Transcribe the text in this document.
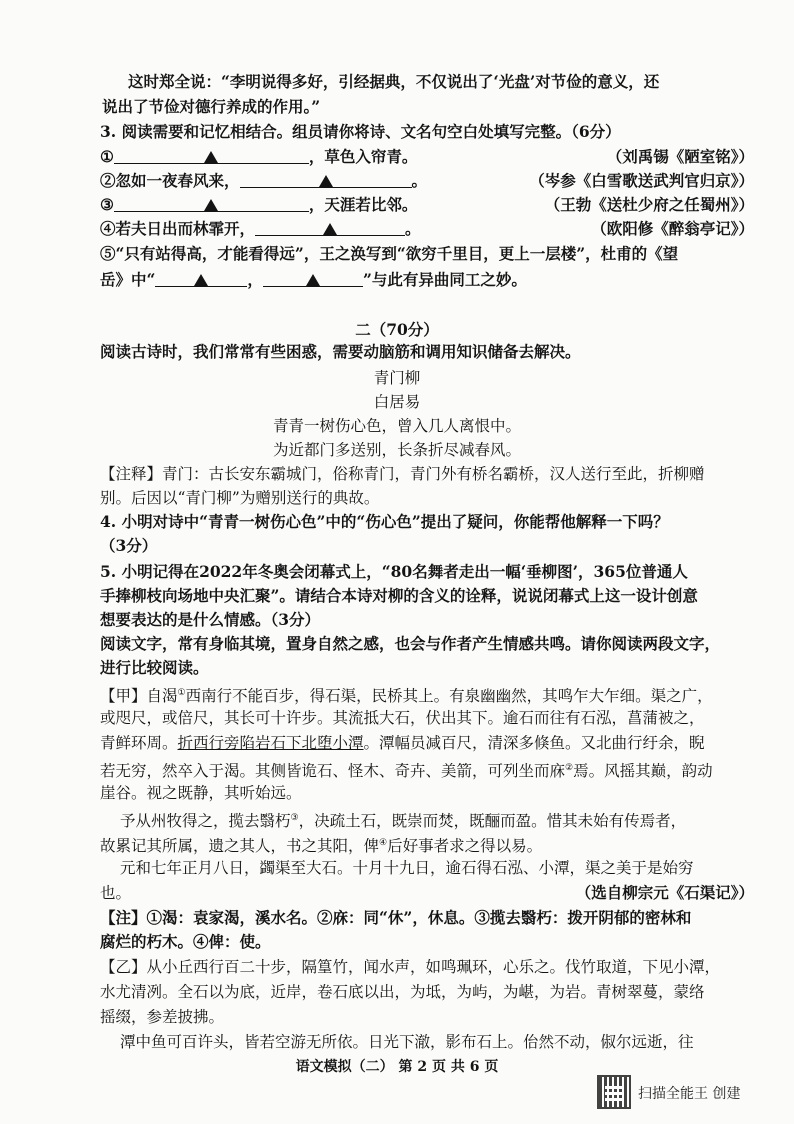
这时郑全说：“李明说得多好，引经据典，不仅说出了‘光盘’对节俭的意义，还
说出了节俭对德行养成的作用。”
3. 阅读需要和记忆相结合。组员请你将诗、文名句空白处填写完整。（6分）
①	，草色入帘青。	（刘禹锡《陋室铭》）
②忽如一夜春风来，	。	（岑参《白雪歌送武判官归京》）
③	，天涯若比邻。	（王勃《送杜少府之任蜀州》）
④若夫日出而林霏开，	。	（欧阳修《醉翁亭记》）
⑤“只有站得高，才能看得远”，王之涣写到“欲穷千里目，更上一层楼”，杜甫的《望
岳》中“	，	”与此有异曲同工之妙。
二（70分）
阅读古诗时，我们常常有些困惑，需要动脑筋和调用知识储备去解决。
青门柳
白居易
青青一树伤心色，曾入几人离恨中。
为近都门多送别，长条折尽减春风。
【注释】青门：古长安东霸城门，俗称青门，青门外有桥名霸桥，汉人送行至此，折柳赠
别。后因以“青门柳”为赠别送行的典故。
4. 小明对诗中“青青一树伤心色”中的“伤心色”提出了疑问，你能帮他解释一下吗？
（3分）
5. 小明记得在2022年冬奥会闭幕式上，“80名舞者走出一幅‘垂柳图’，365位普通人
手捧柳枝向场地中央汇聚”。请结合本诗对柳的含义的诠释，说说闭幕式上这一设计创意
想要表达的是什么情感。（3分）
阅读文字，常有身临其境，置身自然之感，也会与作者产生情感共鸣。请你阅读两段文字，
进行比较阅读。
【甲】自渴①西南行不能百步，得石渠，民桥其上。有泉幽幽然，其鸣乍大乍细。渠之广，
或咫尺，或倍尺，其长可十许步。其流抵大石，伏出其下。逾石而往有石泓，菖蒲被之，
青鲜环周。折西行旁陷岩石下北堕小潭。潭幅员减百尺，清深多倏鱼。又北曲行纡余，睨
若无穷，然卒入于渴。其侧皆诡石、怪木、奇卉、美箭，可列坐而庥②焉。风摇其巅，韵动
崖谷。视之既静，其听始远。
予从州牧得之，揽去翳朽③，决疏土石，既崇而焚，既酾而盈。惜其未始有传焉者，
故累记其所属，遗之其人，书之其阳，俾④后好事者求之得以易。
元和七年正月八日，蠲渠至大石。十月十九日，逾石得石泓、小潭，渠之美于是始穷
也。	（选自柳宗元《石渠记》）
【注】①渴：袁家渴，溪水名。②庥：同“休”，休息。③揽去翳朽：拨开阴郁的密林和
腐烂的朽木。④俾：使。
【乙】从小丘西行百二十步，隔篁竹，闻水声，如鸣珮环，心乐之。伐竹取道，下见小潭，
水尤清冽。全石以为底，近岸，卷石底以出，为坻，为屿，为嵁，为岩。青树翠蔓，蒙络
摇缀，参差披拂。
潭中鱼可百许头，皆若空游无所依。日光下澈，影布石上。佁然不动，俶尔远逝，往
语文模拟（二） 第 2 页 共 6 页
扫描全能王 创建
